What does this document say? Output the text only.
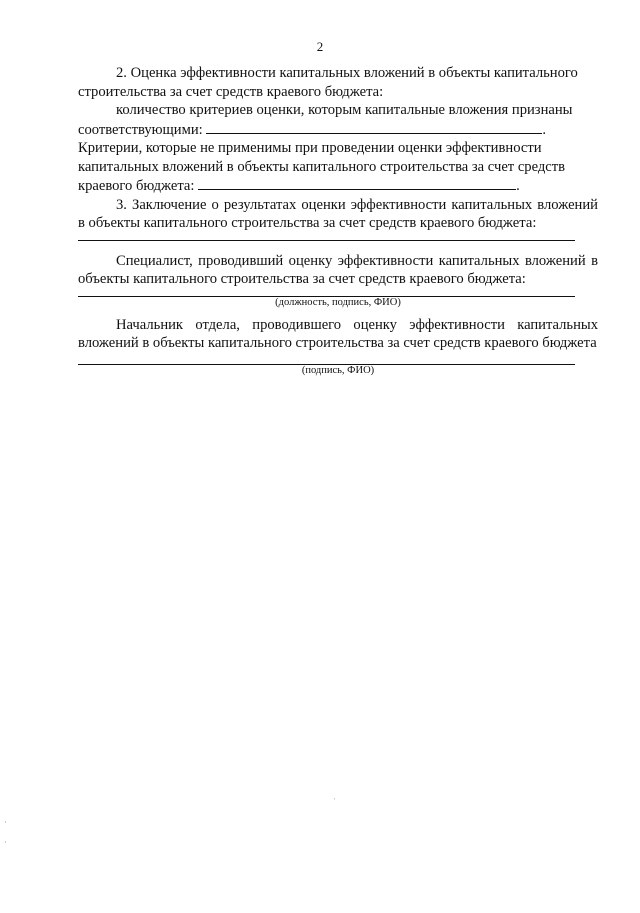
2

2. Оценка эффективности капитальных вложений в объекты капитального строительства за счет средств краевого бюджета:

количество критериев оценки, которым капитальные вложения признаны соответствующими:	.

Критерии, которые не применимы при проведении оценки эффективности капитальных вложений в объекты капитального строительства за счет средств краевого бюджета:	.

3. Заключение о результатах оценки эффективности капитальных вложений в объекты капитального строительства за счет средств краевого бюджета:

Специалист, проводивший оценку эффективности капитальных вложений в объекты капитального строительства за счет средств краевого бюджета:

(должность, подпись, ФИО)

Начальник отдела, проводившего оценку эффективности капитальных вложений в объекты капитального строительства за счет средств краевого бюджета

(подпись, ФИО)
ˈ
·
·
